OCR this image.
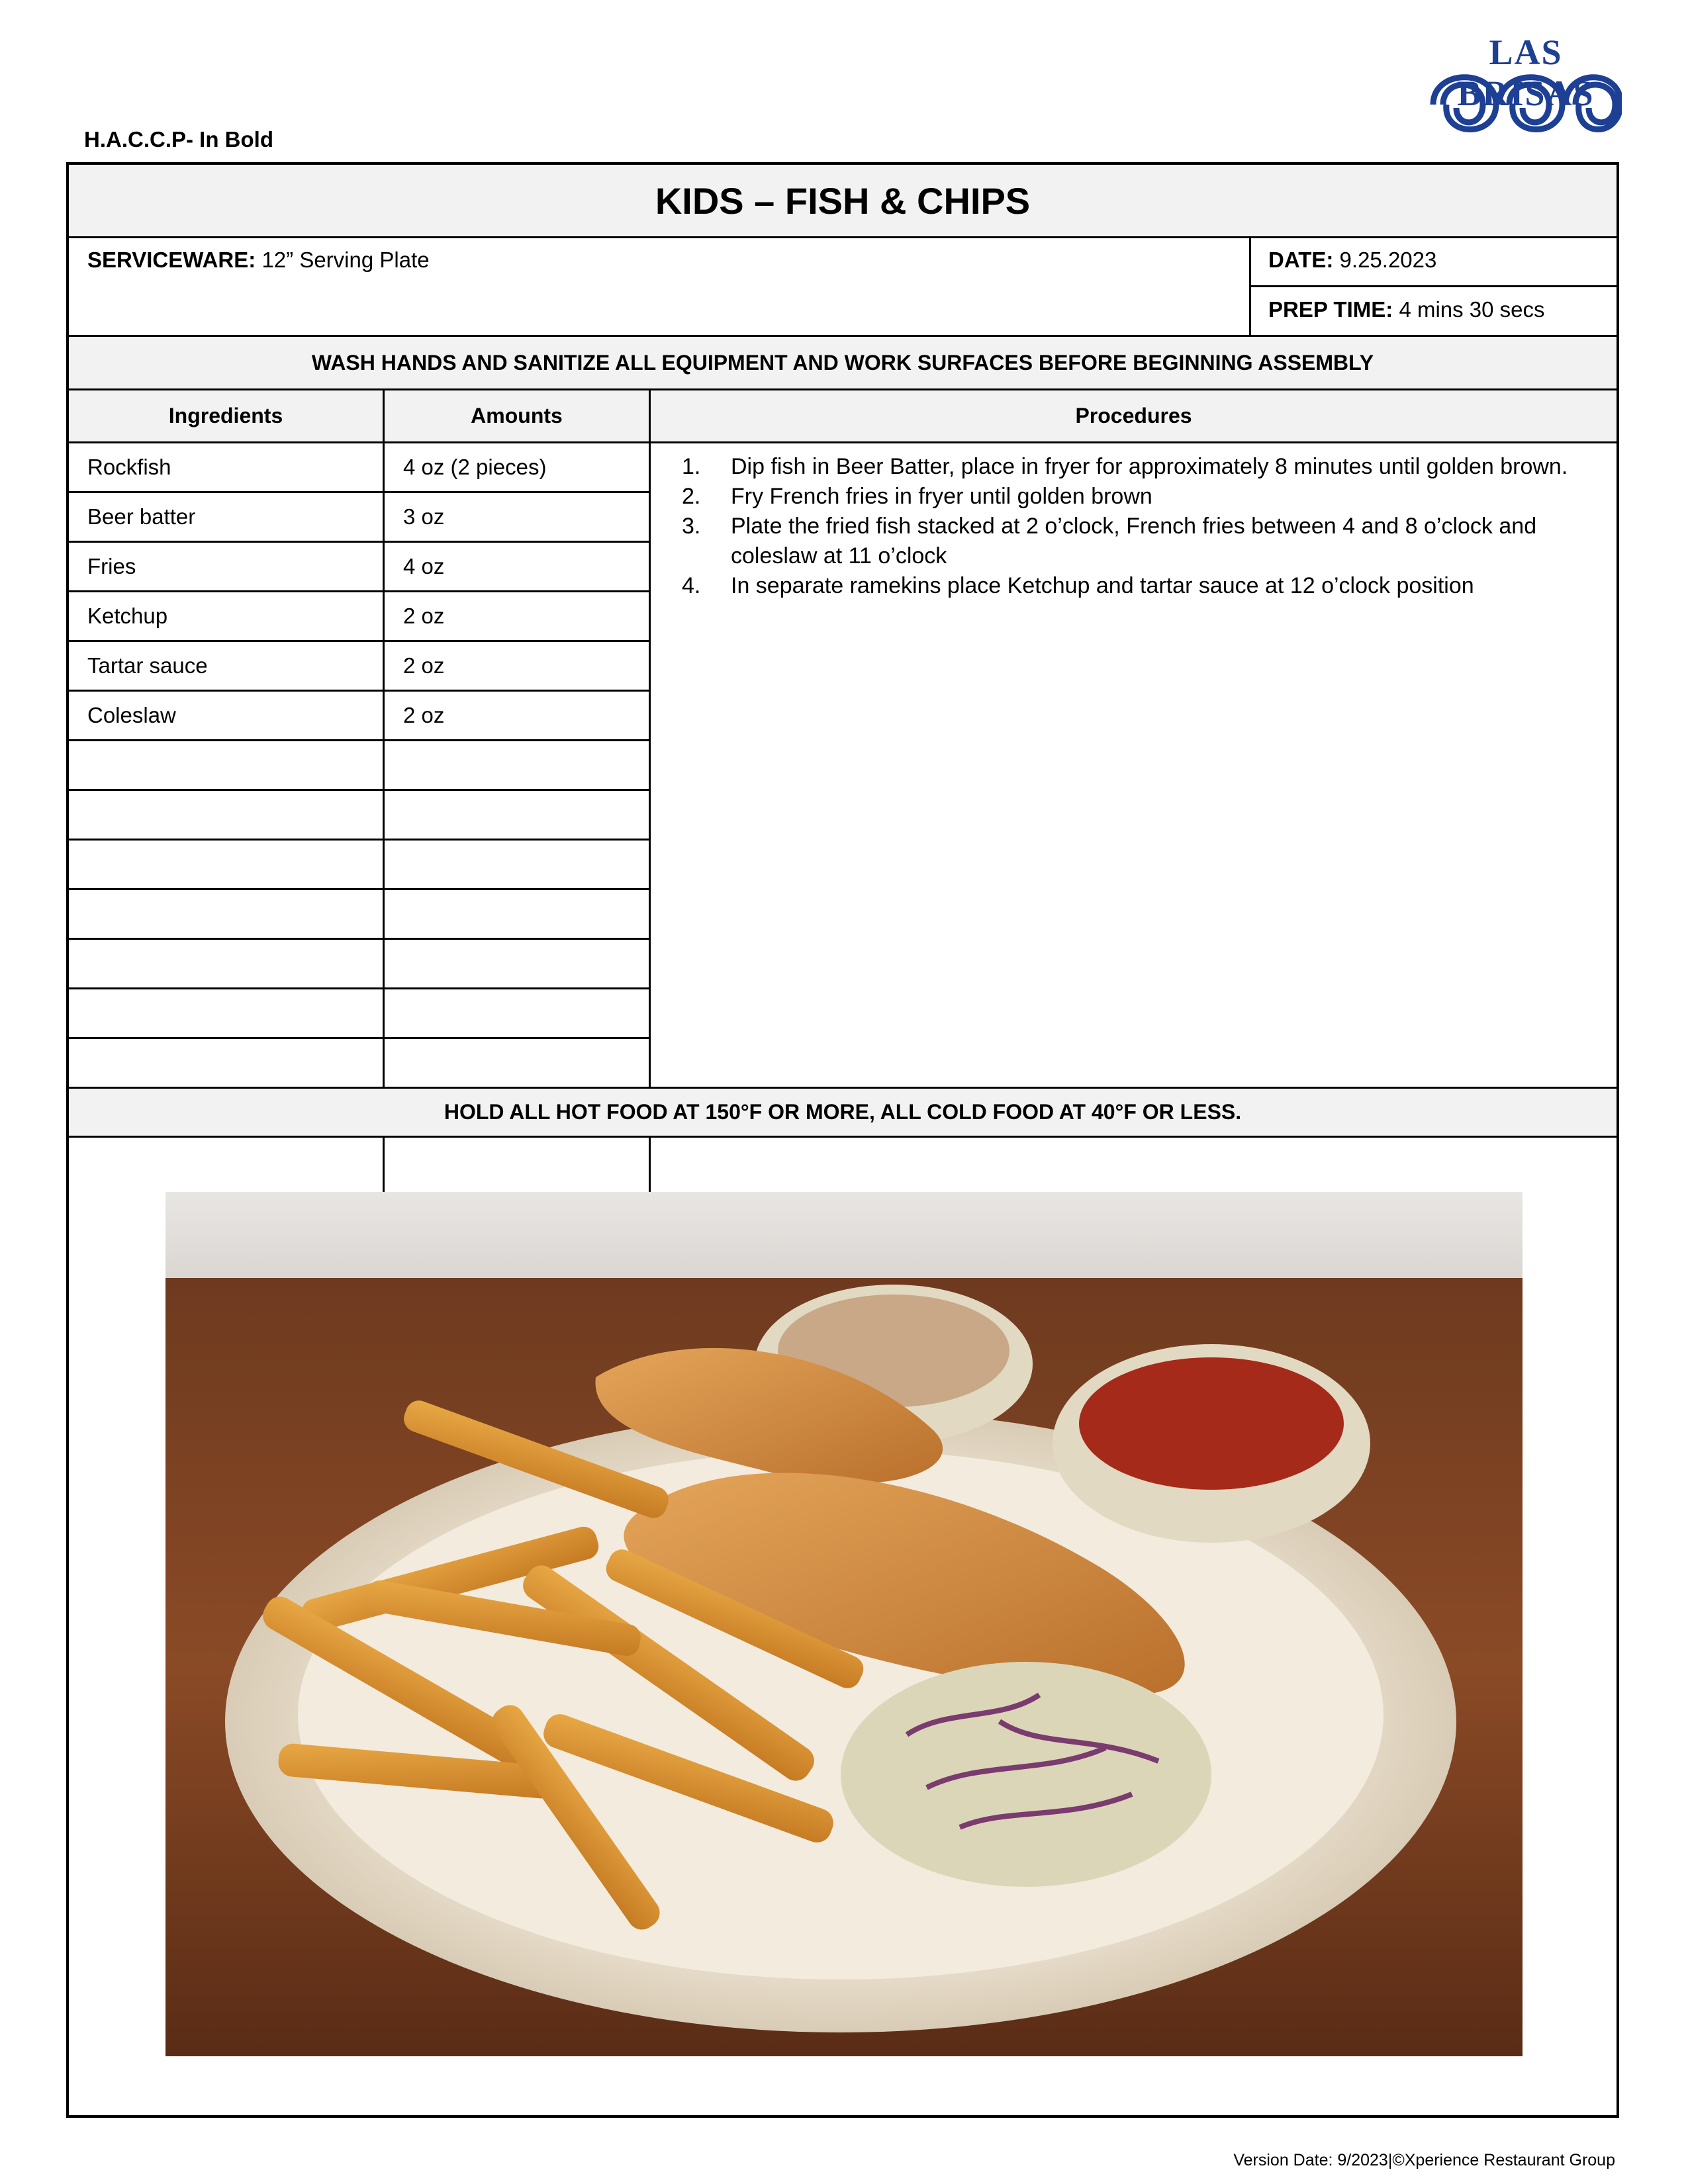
H.A.C.C.P- In Bold
LAS BRISAS
KIDS – FISH & CHIPS
SERVICEWARE: 12” Serving Plate	DATE: 9.25.2023
PREP TIME: 4 mins 30 secs
WASH HANDS AND SANITIZE ALL EQUIPMENT AND WORK SURFACES BEFORE BEGINNING ASSEMBLY
Ingredients	Amounts	Procedures
Rockfish	4 oz (2 pieces)
Beer batter	3 oz
Fries	4 oz
Ketchup	2 oz
Tartar sauce	2 oz
Coleslaw	2 oz
1. Dip fish in Beer Batter, place in fryer for approximately 8 minutes until golden brown.
2. Fry French fries in fryer until golden brown
3. Plate the fried fish stacked at 2 o’clock, French fries between 4 and 8 o’clock and coleslaw at 11 o’clock
4. In separate ramekins place Ketchup and tartar sauce at 12 o’clock position
HOLD ALL HOT FOOD AT 150°F OR MORE, ALL COLD FOOD AT 40°F OR LESS.
Version Date: 9/2023|©Xperience Restaurant Group
